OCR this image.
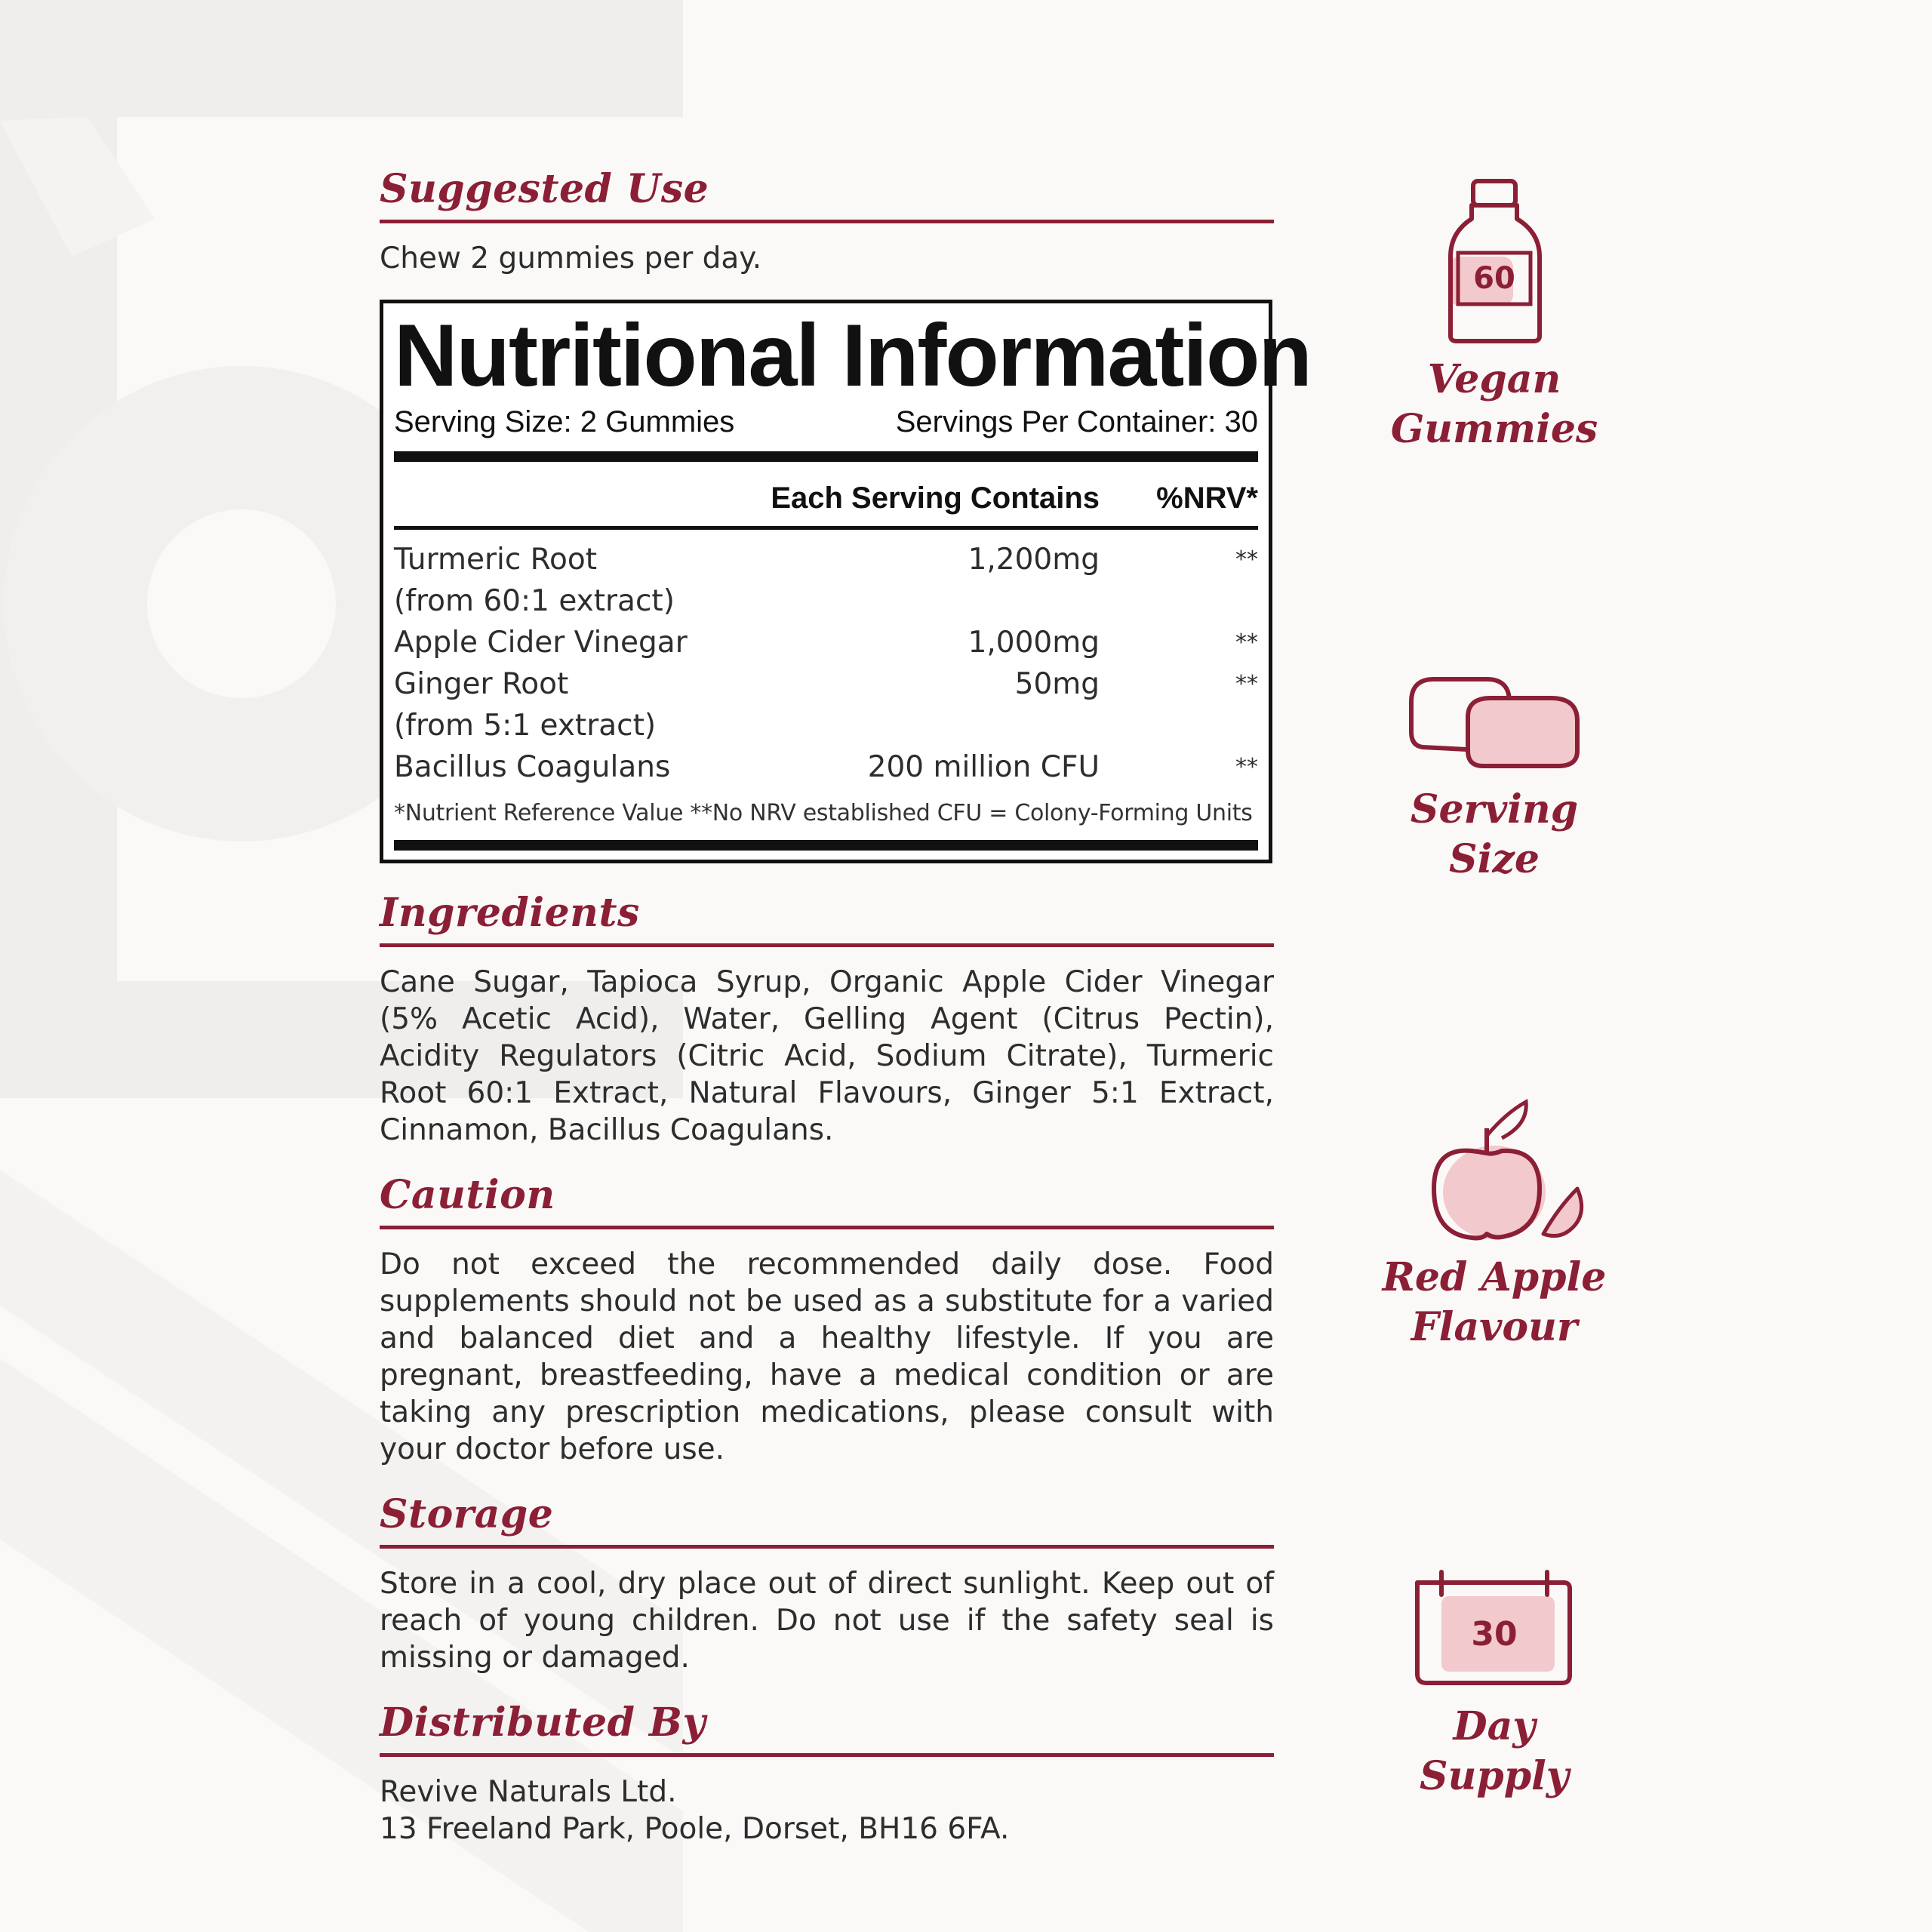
Suggested Use
Chew 2 gummies per day.
Nutritional Information
Serving Size: 2 Gummies	Servings Per Container: 30
Each Serving Contains	%NRV*
Turmeric Root	1,200mg	**
(from 60:1 extract)
Apple Cider Vinegar	1,000mg	**
Ginger Root	50mg	**
(from 5:1 extract)
Bacillus Coagulans	200 million CFU	**
*Nutrient Reference Value **No NRV established CFU = Colony-Forming Units
Ingredients
Cane Sugar, Tapioca Syrup, Organic Apple Cider Vinegar (5% Acetic Acid), Water, Gelling Agent (Citrus Pectin), Acidity Regulators (Citric Acid, Sodium Citrate), Turmeric Root 60:1 Extract, Natural Flavours, Ginger 5:1 Extract, Cinnamon, Bacillus Coagulans.
Caution
Do not exceed the recommended daily dose. Food supplements should not be used as a substitute for a varied and balanced diet and a healthy lifestyle. If you are pregnant, breastfeeding, have a medical condition or are taking any prescription medications, please consult with your doctor before use.
Storage
Store in a cool, dry place out of direct sunlight. Keep out of reach of young children. Do not use if the safety seal is missing or damaged.
Distributed By
Revive Naturals Ltd.
13 Freeland Park, Poole, Dorset, BH16 6FA.
60
Vegan
Gummies
Serving
Size
Red Apple
Flavour
30
Day
Supply
